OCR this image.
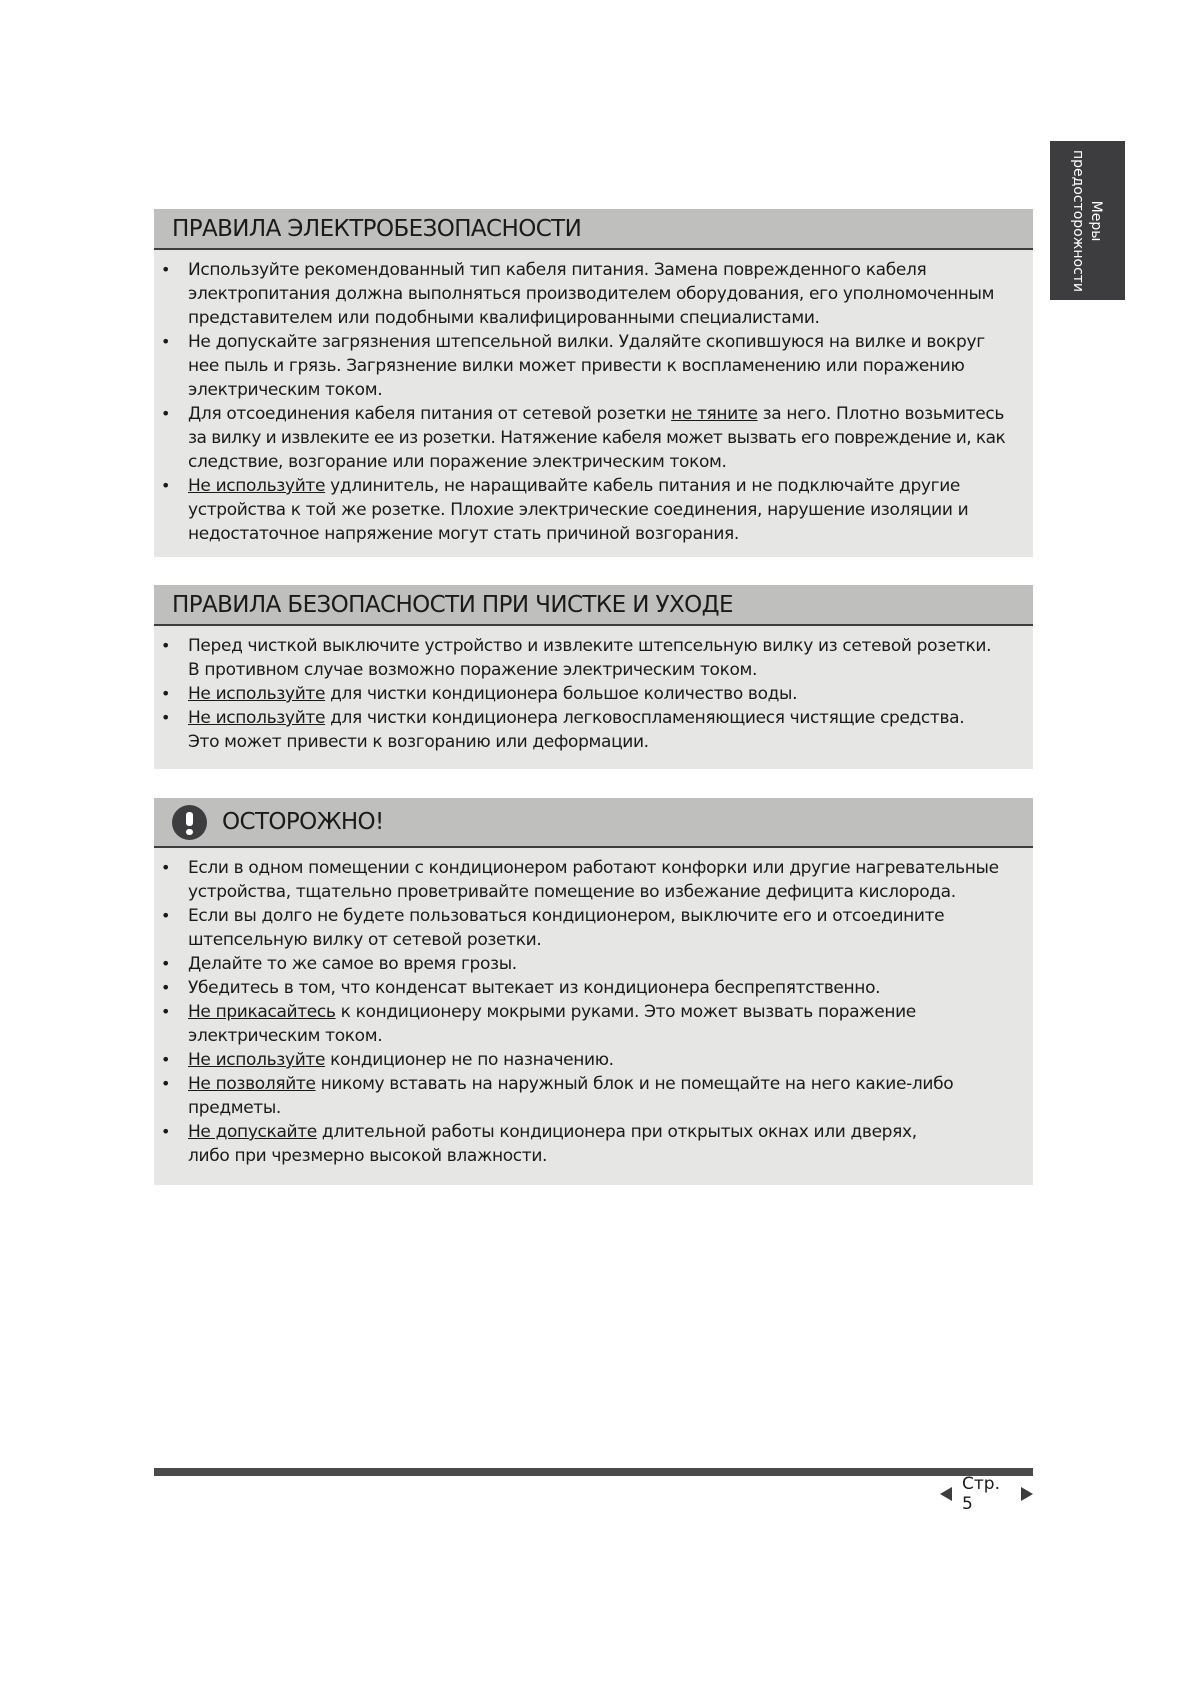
Меры
предосторожности
ПРАВИЛА ЭЛЕКТРОБЕЗОПАСНОСТИ
• Используйте рекомендованный тип кабеля питания. Замена поврежденного кабеля
электропитания должна выполняться производителем оборудования, его уполномоченным
представителем или подобными квалифицированными специалистами.
• Не допускайте загрязнения штепсельной вилки. Удаляйте скопившуюся на вилке и вокруг
нее пыль и грязь. Загрязнение вилки может привести к воспламенению или поражению
электрическим током.
• Для отсоединения кабеля питания от сетевой розетки не тяните за него. Плотно возьмитесь
за вилку и извлеките ее из розетки. Натяжение кабеля может вызвать его повреждение и, как
следствие, возгорание или поражение электрическим током.
• Не используйте удлинитель, не наращивайте кабель питания и не подключайте другие
устройства к той же розетке. Плохие электрические соединения, нарушение изоляции и
недостаточное напряжение могут стать причиной возгорания.
ПРАВИЛА БЕЗОПАСНОСТИ ПРИ ЧИСТКЕ И УХОДЕ
• Перед чисткой выключите устройство и извлеките штепсельную вилку из сетевой розетки.
В противном случае возможно поражение электрическим током.
• Не используйте для чистки кондиционера большое количество воды.
• Не используйте для чистки кондиционера легковоспламеняющиеся чистящие средства.
Это может привести к возгоранию или деформации.
ОСТОРОЖНО!
• Если в одном помещении с кондиционером работают конфорки или другие нагревательные
устройства, тщательно проветривайте помещение во избежание дефицита кислорода.
• Если вы долго не будете пользоваться кондиционером, выключите его и отсоедините
штепсельную вилку от сетевой розетки.
• Делайте то же самое во время грозы.
• Убедитесь в том, что конденсат вытекает из кондиционера беспрепятственно.
• Не прикасайтесь к кондиционеру мокрыми руками. Это может вызвать поражение
электрическим током.
• Не используйте кондиционер не по назначению.
• Не позволяйте никому вставать на наружный блок и не помещайте на него какие-либо
предметы.
• Не допускайте длительной работы кондиционера при открытых окнах или дверях,
либо при чрезмерно высокой влажности.
Стр. 5
